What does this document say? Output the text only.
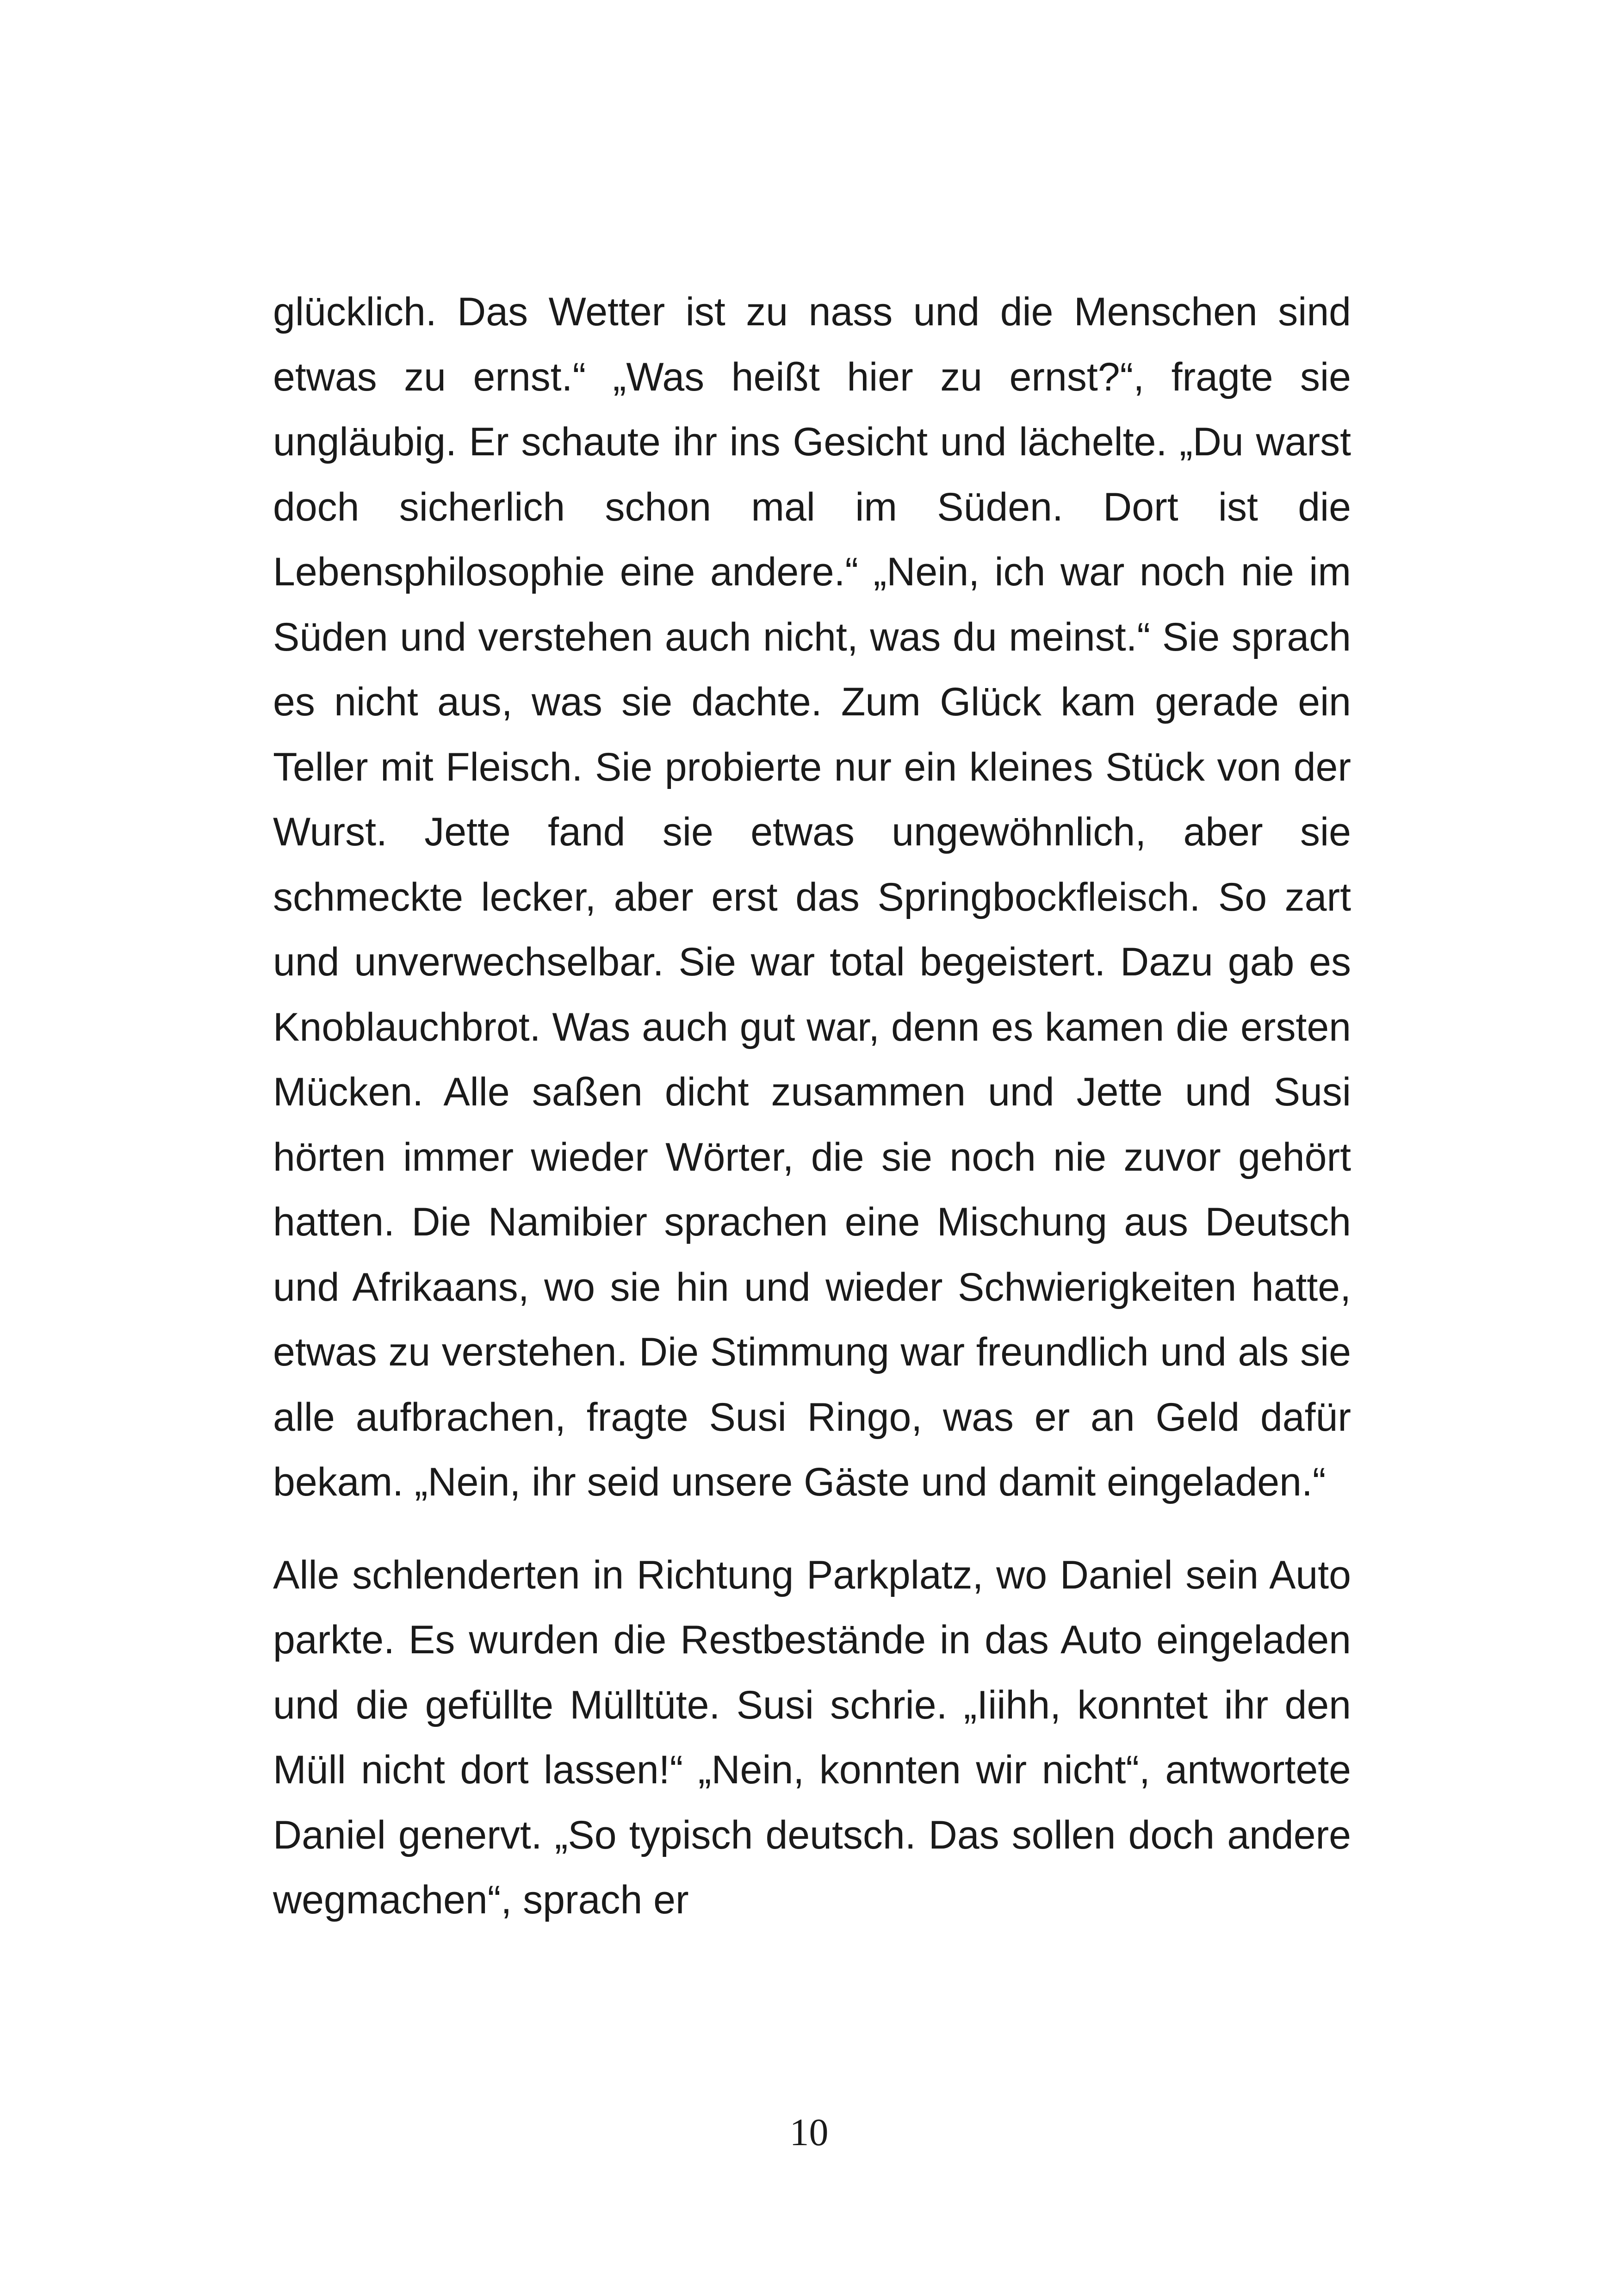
glücklich. Das Wetter ist zu nass und die Menschen sind etwas zu ernst.“ „Was heißt hier zu ernst?“, fragte sie ungläubig. Er schaute ihr ins Gesicht und lächelte. „Du warst doch sicherlich schon mal im Süden. Dort ist die Lebensphilosophie eine andere.“ „Nein, ich war noch nie im Süden und verstehen auch nicht, was du meinst.“ Sie sprach es nicht aus, was sie dachte. Zum Glück kam gerade ein Teller mit Fleisch. Sie probierte nur ein kleines Stück von der Wurst. Jette fand sie etwas ungewöhnlich, aber sie schmeckte lecker, aber erst das Springbockfleisch. So zart und unverwechselbar. Sie war total begeistert. Dazu gab es Knoblauchbrot. Was auch gut war, denn es kamen die ersten Mücken. Alle saßen dicht zusammen und Jette und Susi hörten immer wieder Wörter, die sie noch nie zuvor gehört hatten. Die Namibier sprachen eine Mischung aus Deutsch und Afrikaans, wo sie hin und wieder Schwierigkeiten hatte, etwas zu verstehen. Die Stimmung war freundlich und als sie alle aufbrachen, fragte Susi Ringo, was er an Geld dafür bekam. „Nein, ihr seid unsere Gäste und damit eingeladen.“

Alle schlenderten in Richtung Parkplatz, wo Daniel sein Auto parkte. Es wurden die Restbestände in das Auto eingeladen und die gefüllte Mülltüte. Susi schrie. „Iiihh, konntet ihr den Müll nicht dort lassen!“ „Nein, konnten wir nicht“, antwortete Daniel genervt. „So typisch deutsch. Das sollen doch andere wegmachen“, sprach er

10
